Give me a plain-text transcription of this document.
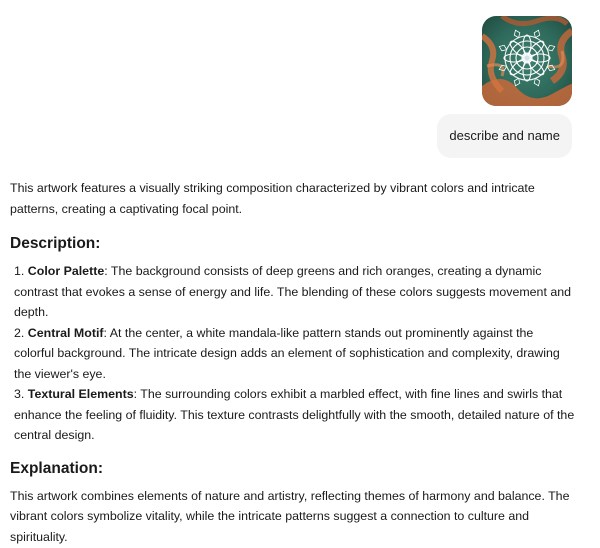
describe and name

This artwork features a visually striking composition characterized by vibrant colors and intricate patterns, creating a captivating focal point.

Description:
1. Color Palette: The background consists of deep greens and rich oranges, creating a dynamic contrast that evokes a sense of energy and life. The blending of these colors suggests movement and depth.
2. Central Motif: At the center, a white mandala-like pattern stands out prominently against the colorful background. The intricate design adds an element of sophistication and complexity, drawing the viewer's eye.
3. Textural Elements: The surrounding colors exhibit a marbled effect, with fine lines and swirls that enhance the feeling of fluidity. This texture contrasts delightfully with the smooth, detailed nature of the central design.
Explanation:

This artwork combines elements of nature and artistry, reflecting themes of harmony and balance. The vibrant colors symbolize vitality, while the intricate patterns suggest a connection to culture and spirituality.
